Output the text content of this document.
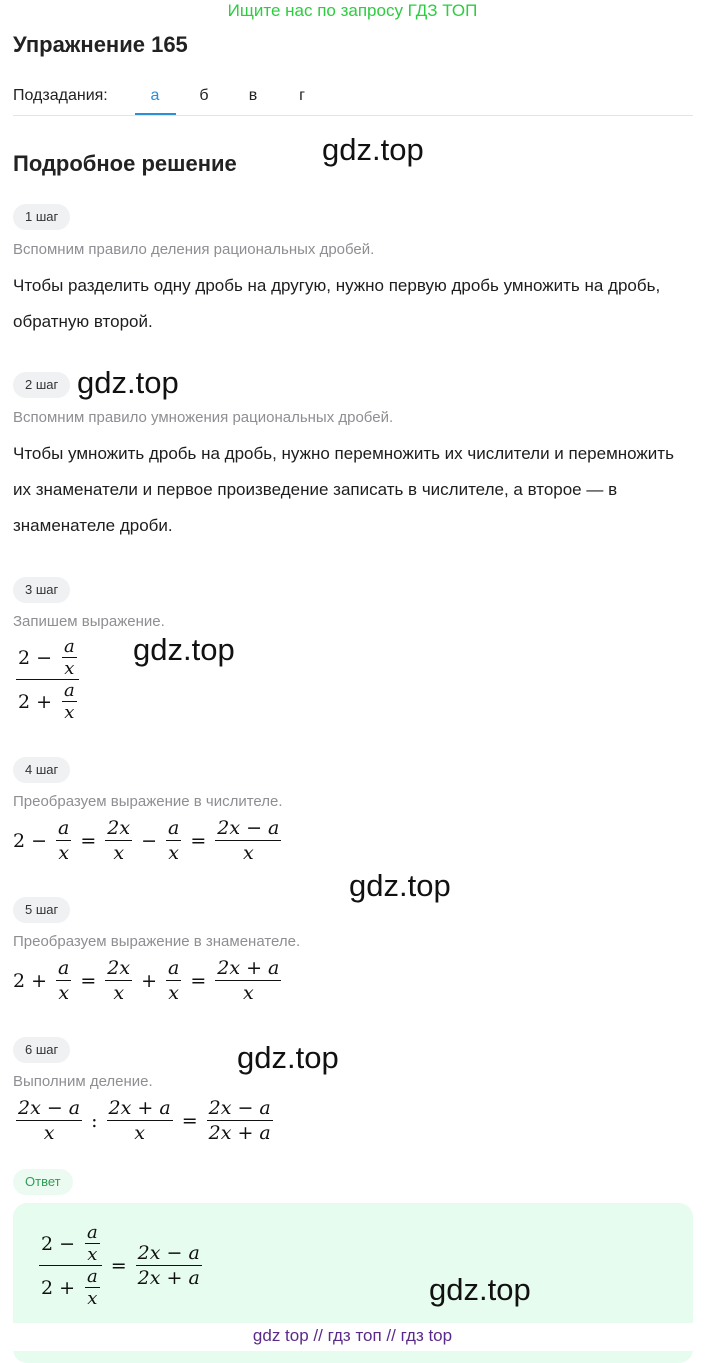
Ищите нас по запросу ГДЗ ТОП
Упражнение 165
Подзадания:	а	б	в	г
Подробное решение	gdz.top
gdz.top
gdz.top
gdz.top
gdz.top
1 шаг
Вспомним правило деления рациональных дробей.
Чтобы разделить одну дробь на другую, нужно первую дробь умножить на дробь, обратную второй.
2 шаг
Вспомним правило умножения рациональных дробей.
Чтобы умножить дробь на дробь, нужно перемножить их числители и перемножить их знаменатели и первое произведение записать в числителе, а второе — в знаменателе дроби.
3 шаг
Запишем выражение.
$\frac{2 - \frac{a}{x}}{2 + \frac{a}{x}}$
4 шаг
Преобразуем выражение в числителе.
$2 - \frac{a}{x} = \frac{2x}{x} - \frac{a}{x} = \frac{2x - a}{x}$
5 шаг
Преобразуем выражение в знаменателе.
$2 + \frac{a}{x} = \frac{2x}{x} + \frac{a}{x} = \frac{2x + a}{x}$
6 шаг
Выполним деление.
$\frac{2x - a}{x}$ : $\frac{2x + a}{x} = \frac{2x - a}{2x + a}$
Ответ
$\frac{2 - \frac{a}{x}}{2 + \frac{a}{x}} = \frac{2x - a}{2x + a}$	gdz.top
gdz top // гдз топ // гдз top
